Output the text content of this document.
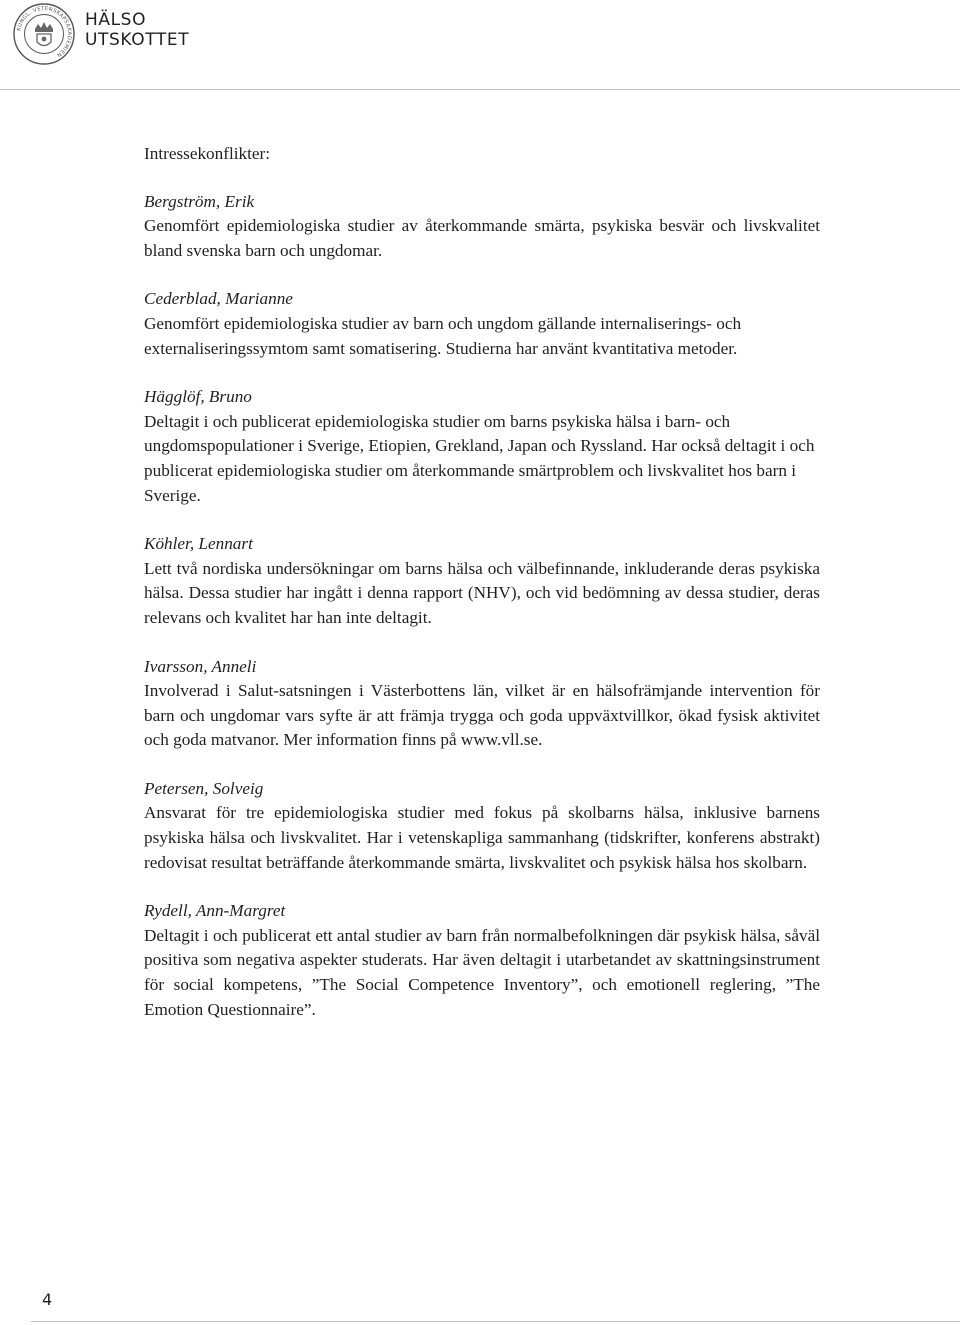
KUNGL. VETENSKAPSAKADEMIEN
HÄLSO
UTSKOTTET
Intressekonflikter:
Bergström, Erik
Genomfört epidemiologiska studier av återkommande smärta, psykiska besvär och livskvalitet bland svenska barn och ungdomar.
Cederblad, Marianne
Genomfört epidemiologiska studier av barn och ungdom gällande internaliserings- och externaliseringssymtom samt somatisering. Studierna har använt kvantitativa metoder.
Hägglöf, Bruno
Deltagit i och publicerat epidemiologiska studier om barns psykiska hälsa i barn- och ungdomspopulationer i Sverige, Etiopien, Grekland, Japan och Ryssland. Har också deltagit i och publicerat epidemiologiska studier om återkommande smärtproblem och livskvalitet hos barn i Sverige.
Köhler, Lennart
Lett två nordiska undersökningar om barns hälsa och välbefinnande, inkluderande deras psykiska hälsa. Dessa studier har ingått i denna rapport (NHV), och vid bedömning av dessa studier, deras relevans och kvalitet har han inte deltagit.
Ivarsson, Anneli
Involverad i Salut-satsningen i Västerbottens län, vilket är en hälsofrämjande intervention för barn och ungdomar vars syfte är att främja trygga och goda uppväxtvillkor, ökad fysisk aktivitet och goda matvanor. Mer information finns på www.vll.se.
Petersen, Solveig
Ansvarat för tre epidemiologiska studier med fokus på skolbarns hälsa, inklusive barnens psykiska hälsa och livskvalitet. Har i vetenskapliga sammanhang (tidskrifter, konferens abstrakt) redovisat resultat beträffande återkommande smärta, livskvalitet och psykisk hälsa hos skolbarn.
Rydell, Ann-Margret
Deltagit i och publicerat ett antal studier av barn från normalbefolkningen där psykisk hälsa, såväl positiva som negativa aspekter studerats. Har även deltagit i utarbetandet av skattningsinstrument för social kompetens, ”The Social Competence Inventory”, och emotionell reglering, ”The Emotion Questionnaire”.
4
